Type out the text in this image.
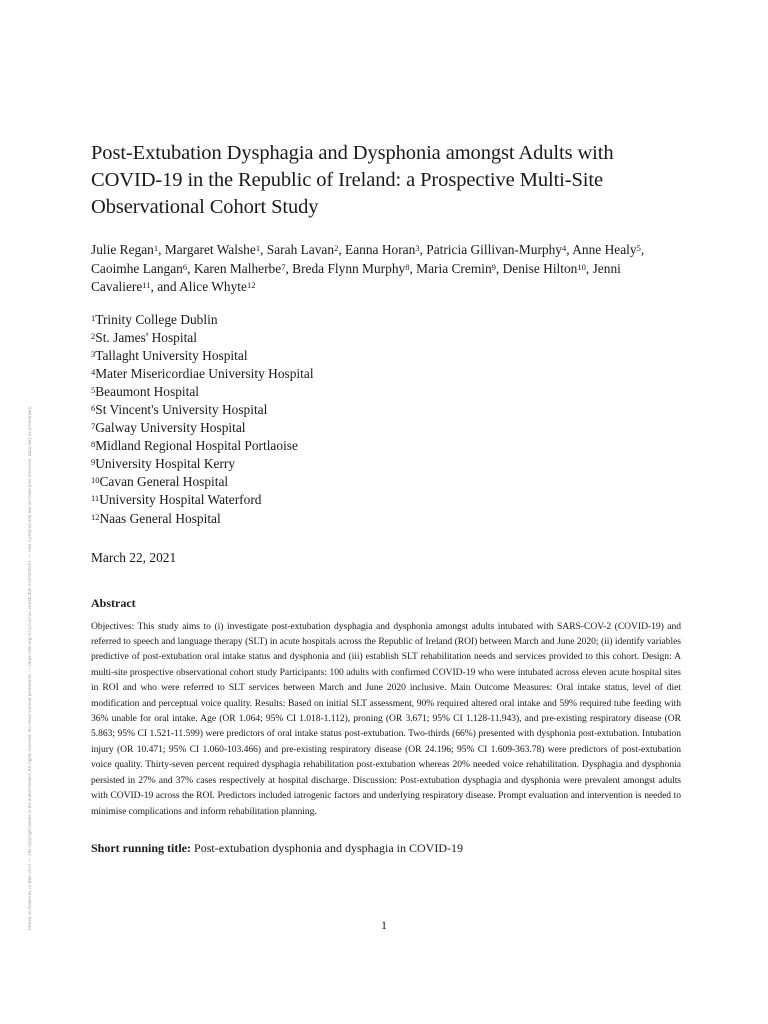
Posted on Authorea 22 Mar 2021 — The copyright holder is the author/funder. All rights reserved. No reuse without permission. — https://doi.org/10.22541/au.161645490.01009099/v1 — This a preprint and has not been peer reviewed. Data may be preliminary.
Post-Extubation Dysphagia and Dysphonia amongst Adults with COVID-19 in the Republic of Ireland: a Prospective Multi-Site Observational Cohort Study
Julie Regan$^1$, Margaret Walshe$^1$, Sarah Lavan$^2$, Eanna Horan$^3$, Patricia Gillivan-Murphy$^4$, Anne Healy$^5$, Caoimhe Langan$^6$, Karen Malherbe$^7$, Breda Flynn Murphy$^8$, Maria Cremin$^9$, Denise Hilton$^{10}$, Jenni Cavaliere$^{11}$, and Alice Whyte$^{12}$
$^1$Trinity College Dublin
$^2$St. James' Hospital
$^3$Tallaght University Hospital
$^4$Mater Misericordiae University Hospital
$^5$Beaumont Hospital
$^6$St Vincent's University Hospital
$^7$Galway University Hospital
$^8$Midland Regional Hospital Portlaoise
$^9$University Hospital Kerry
$^{10}$Cavan General Hospital
$^{11}$University Hospital Waterford
$^{12}$Naas General Hospital
March 22, 2021
Abstract

Objectives: This study aims to (i) investigate post-extubation dysphagia and dysphonia amongst adults intubated with SARS-COV-2 (COVID-19) and referred to speech and language therapy (SLT) in acute hospitals across the Republic of Ireland (ROI) between March and June 2020; (ii) identify variables predictive of post-extubation oral intake status and dysphonia and (iii) establish SLT rehabilitation needs and services provided to this cohort. Design: A multi-site prospective observational cohort study Participants: 100 adults with confirmed COVID-19 who were intubated across eleven acute hospital sites in ROI and who were referred to SLT services between March and June 2020 inclusive. Main Outcome Measures: Oral intake status, level of diet modification and perceptual voice quality. Results: Based on initial SLT assessment, 90% required altered oral intake and 59% required tube feeding with 36% unable for oral intake. Age (OR 1.064; 95% CI 1.018-1.112), proning (OR 3.671; 95% CI 1.128-11.943), and pre-existing respiratory disease (OR 5.863; 95% CI 1.521-11.599) were predictors of oral intake status post-extubation. Two-thirds (66%) presented with dysphonia post-extubation. Intubation injury (OR 10.471; 95% CI 1.060-103.466) and pre-existing respiratory disease (OR 24.196; 95% CI 1.609-363.78) were predictors of post-extubation voice quality. Thirty-seven percent required dysphagia rehabilitation post-extubation whereas 20% needed voice rehabilitation. Dysphagia and dysphonia persisted in 27% and 37% cases respectively at hospital discharge. Discussion: Post-extubation dysphagia and dysphonia were prevalent amongst adults with COVID-19 across the ROI. Predictors included iatrogenic factors and underlying respiratory disease. Prompt evaluation and intervention is needed to minimise complications and inform rehabilitation planning.

Short running title: Post-extubation dysphonia and dysphagia in COVID-19
1
